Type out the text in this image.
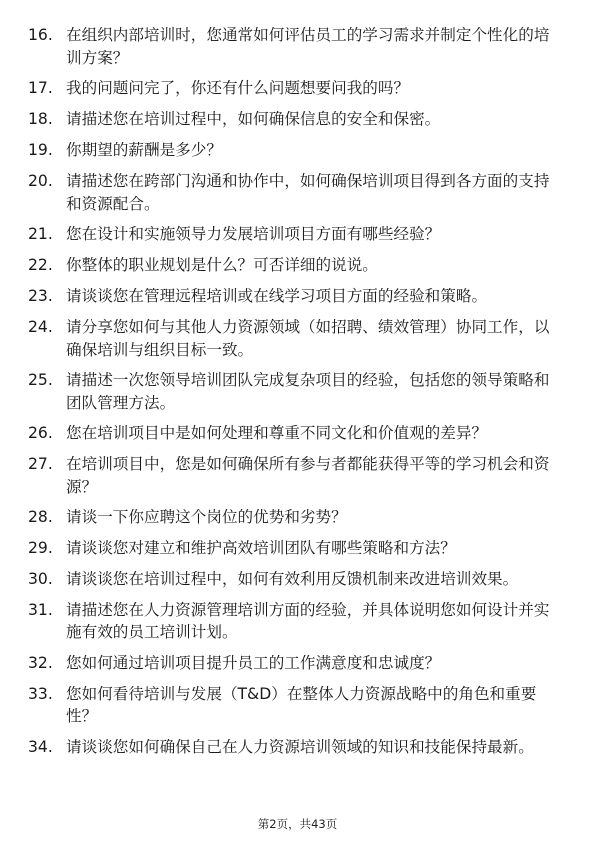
16. 在组织内部培训时，您通常如何评估员工的学习需求并制定个性化的培训方案？
17. 我的问题问完了，你还有什么问题想要问我的吗？
18. 请描述您在培训过程中，如何确保信息的安全和保密。
19. 你期望的薪酬是多少？
20. 请描述您在跨部门沟通和协作中，如何确保培训项目得到各方面的支持和资源配合。
21. 您在设计和实施领导力发展培训项目方面有哪些经验？
22. 你整体的职业规划是什么？可否详细的说说。
23. 请谈谈您在管理远程培训或在线学习项目方面的经验和策略。
24. 请分享您如何与其他人力资源领域（如招聘、绩效管理）协同工作，以确保培训与组织目标一致。
25. 请描述一次您领导培训团队完成复杂项目的经验，包括您的领导策略和团队管理方法。
26. 您在培训项目中是如何处理和尊重不同文化和价值观的差异？
27. 在培训项目中，您是如何确保所有参与者都能获得平等的学习机会和资源？
28. 请谈一下你应聘这个岗位的优势和劣势？
29. 请谈谈您对建立和维护高效培训团队有哪些策略和方法？
30. 请谈谈您在培训过程中，如何有效利用反馈机制来改进培训效果。
31. 请描述您在人力资源管理培训方面的经验，并具体说明您如何设计并实施有效的员工培训计划。
32. 您如何通过培训项目提升员工的工作满意度和忠诚度？
33. 您如何看待培训与发展（T&D）在整体人力资源战略中的角色和重要性？
34. 请谈谈您如何确保自己在人力资源培训领域的知识和技能保持最新。
第2页，共43页
